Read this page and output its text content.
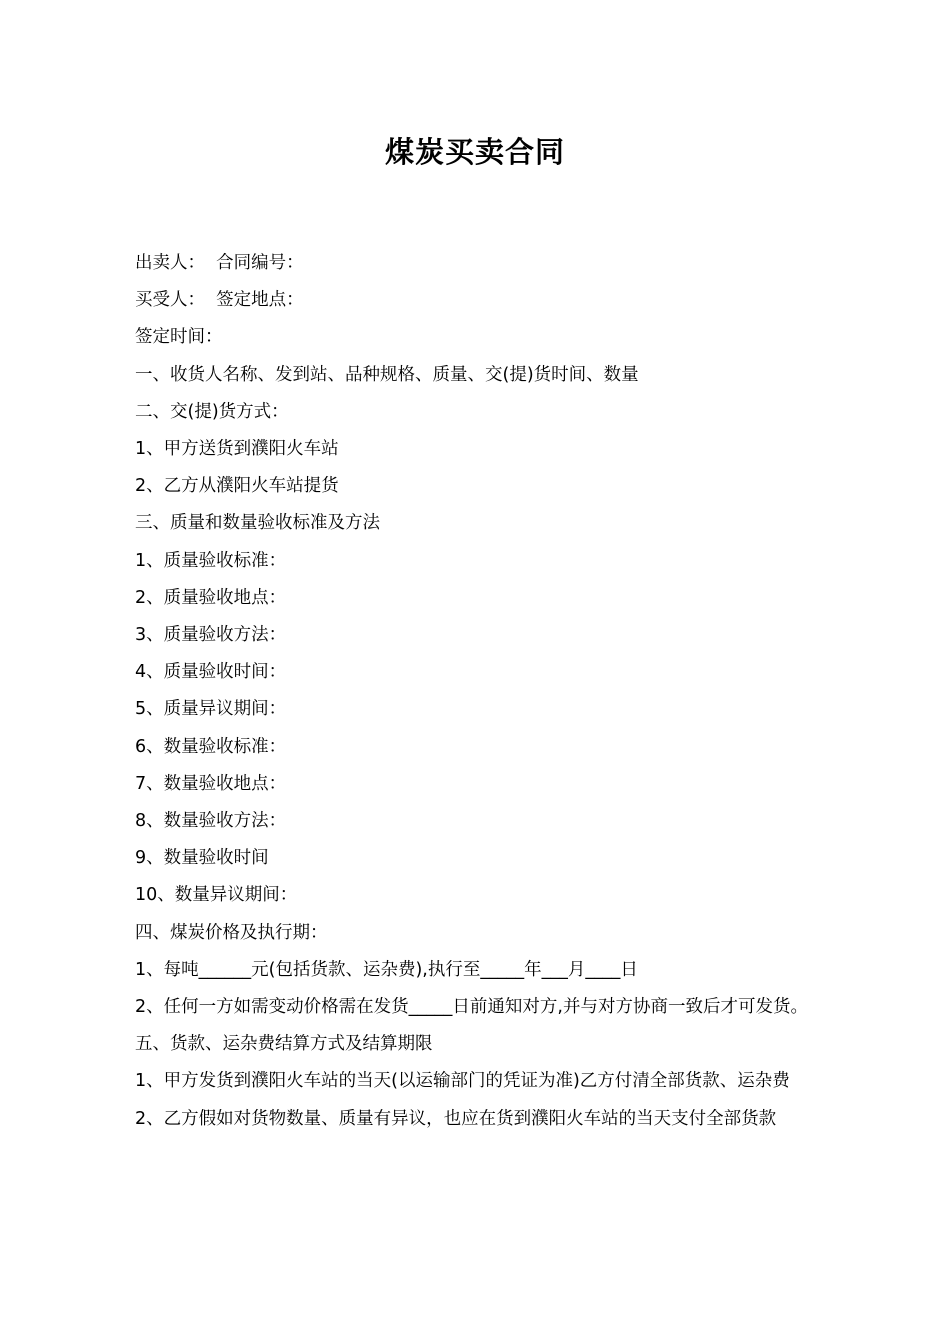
煤炭买卖合同

出卖人：  合同编号：

买受人：  签定地点：

签定时间：

一、收货人名称、发到站、品种规格、质量、交(提)货时间、数量

二、交(提)货方式：

1、甲方送货到濮阳火车站

2、乙方从濮阳火车站提货

三、质量和数量验收标准及方法

1、质量验收标准：

2、质量验收地点：

3、质量验收方法：

4、质量验收时间：

5、质量异议期间：

6、数量验收标准：

7、数量验收地点：

8、数量验收方法：

9、数量验收时间

10、数量异议期间：

四、煤炭价格及执行期：

1、每吨______元(包括货款、运杂费),执行至_____年___月____日

2、任何一方如需变动价格需在发货_____日前通知对方,并与对方协商一致后才可发货。

五、货款、运杂费结算方式及结算期限

1、甲方发货到濮阳火车站的当天(以运输部门的凭证为准)乙方付清全部货款、运杂费

2、乙方假如对货物数量、质量有异议，也应在货到濮阳火车站的当天支付全部货款
